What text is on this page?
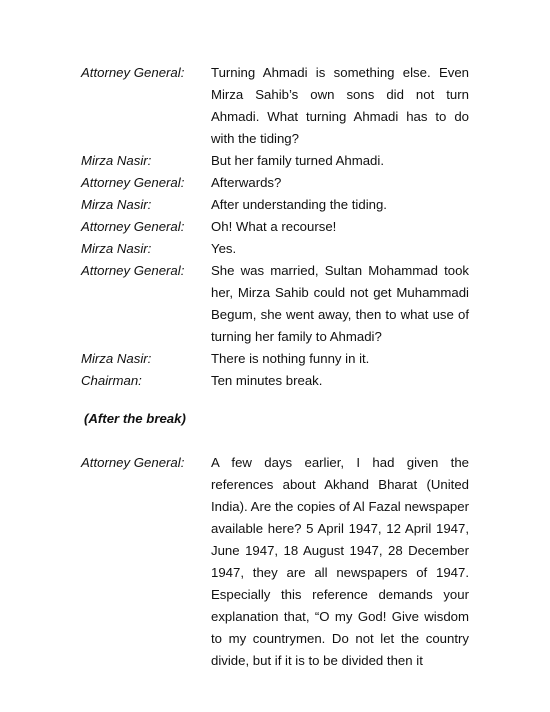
Attorney General:	Turning Ahmadi is something else. Even Mirza Sahib’s own sons did not turn Ahmadi. What turning Ahmadi has to do with the tiding?
Mirza Nasir:	But her family turned Ahmadi.
Attorney General:	Afterwards?
Mirza Nasir:	After understanding the tiding.
Attorney General:	Oh! What a recourse!
Mirza Nasir:	Yes.
Attorney General:	She was married, Sultan Mohammad took her, Mirza Sahib could not get Muhammadi Begum, she went away, then to what use of turning her family to Ahmadi?
Mirza Nasir:	There is nothing funny in it.
Chairman:	Ten minutes break.
(After the break)
Attorney General:	A few days earlier, I had given the references about Akhand Bharat (United India). Are the copies of Al Fazal newspaper available here? 5 April 1947, 12 April 1947, June 1947, 18 August 1947, 28 December 1947, they are all newspapers of 1947. Especially this reference demands your explanation that, “O my God! Give wisdom to my countrymen. Do not let the country divide, but if it is to be divided then it
